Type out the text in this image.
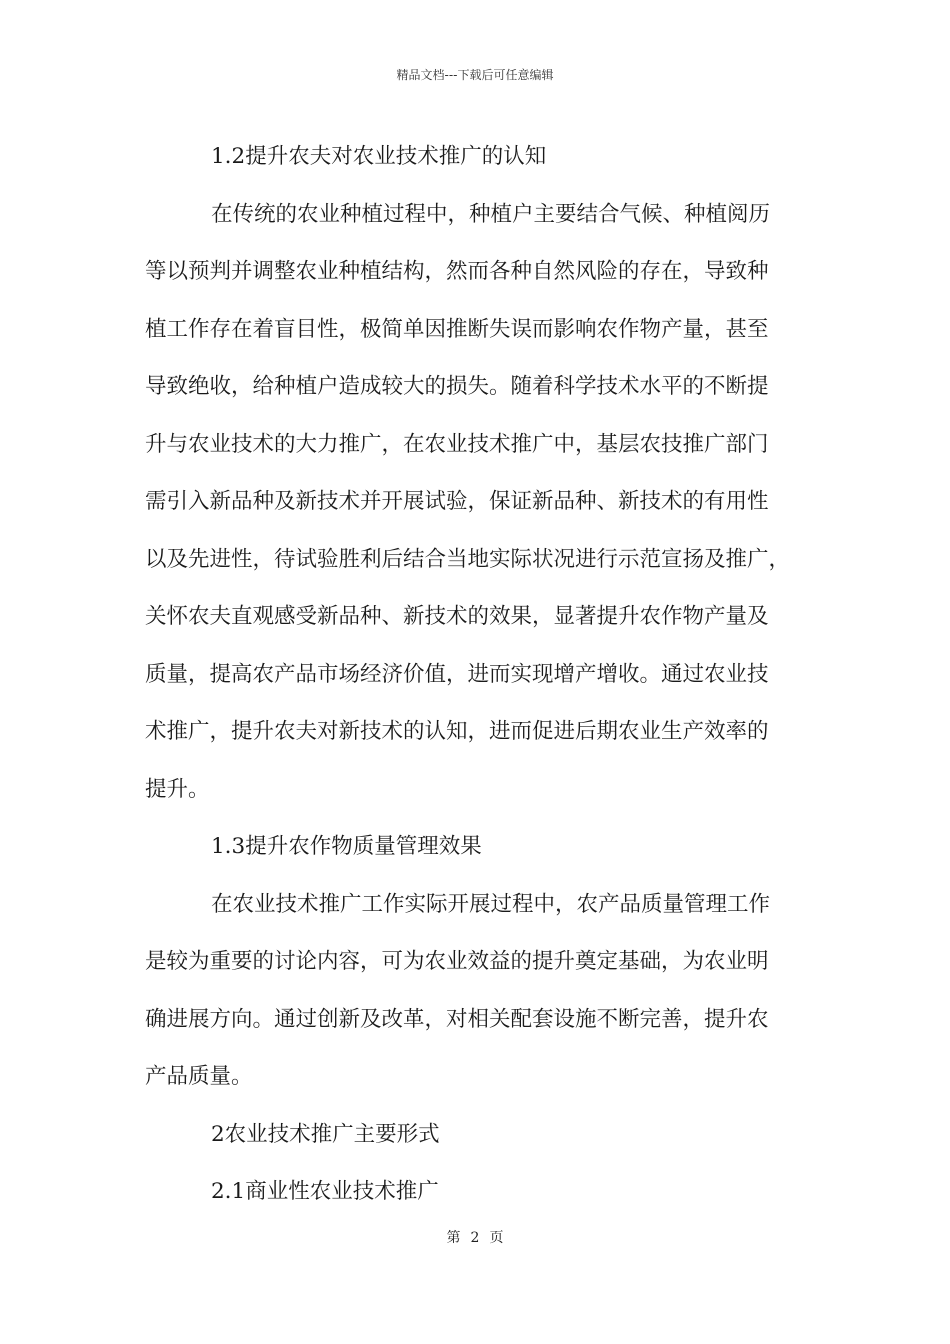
精品文档---下载后可任意编辑
1.2提升农夫对农业技术推广的认知
在传统的农业种植过程中，种植户主要结合气候、种植阅历
等以预判并调整农业种植结构，然而各种自然风险的存在，导致种
植工作存在着盲目性，极简单因推断失误而影响农作物产量，甚至
导致绝收，给种植户造成较大的损失。随着科学技术水平的不断提
升与农业技术的大力推广，在农业技术推广中，基层农技推广部门
需引入新品种及新技术并开展试验，保证新品种、新技术的有用性
以及先进性，待试验胜利后结合当地实际状况进行示范宣扬及推广，
关怀农夫直观感受新品种、新技术的效果，显著提升农作物产量及
质量，提高农产品市场经济价值，进而实现增产增收。通过农业技
术推广，提升农夫对新技术的认知，进而促进后期农业生产效率的
提升。
1.3提升农作物质量管理效果
在农业技术推广工作实际开展过程中，农产品质量管理工作
是较为重要的讨论内容，可为农业效益的提升奠定基础，为农业明
确进展方向。通过创新及改革，对相关配套设施不断完善，提升农
产品质量。
2农业技术推广主要形式
2.1商业性农业技术推广
第 2 页
